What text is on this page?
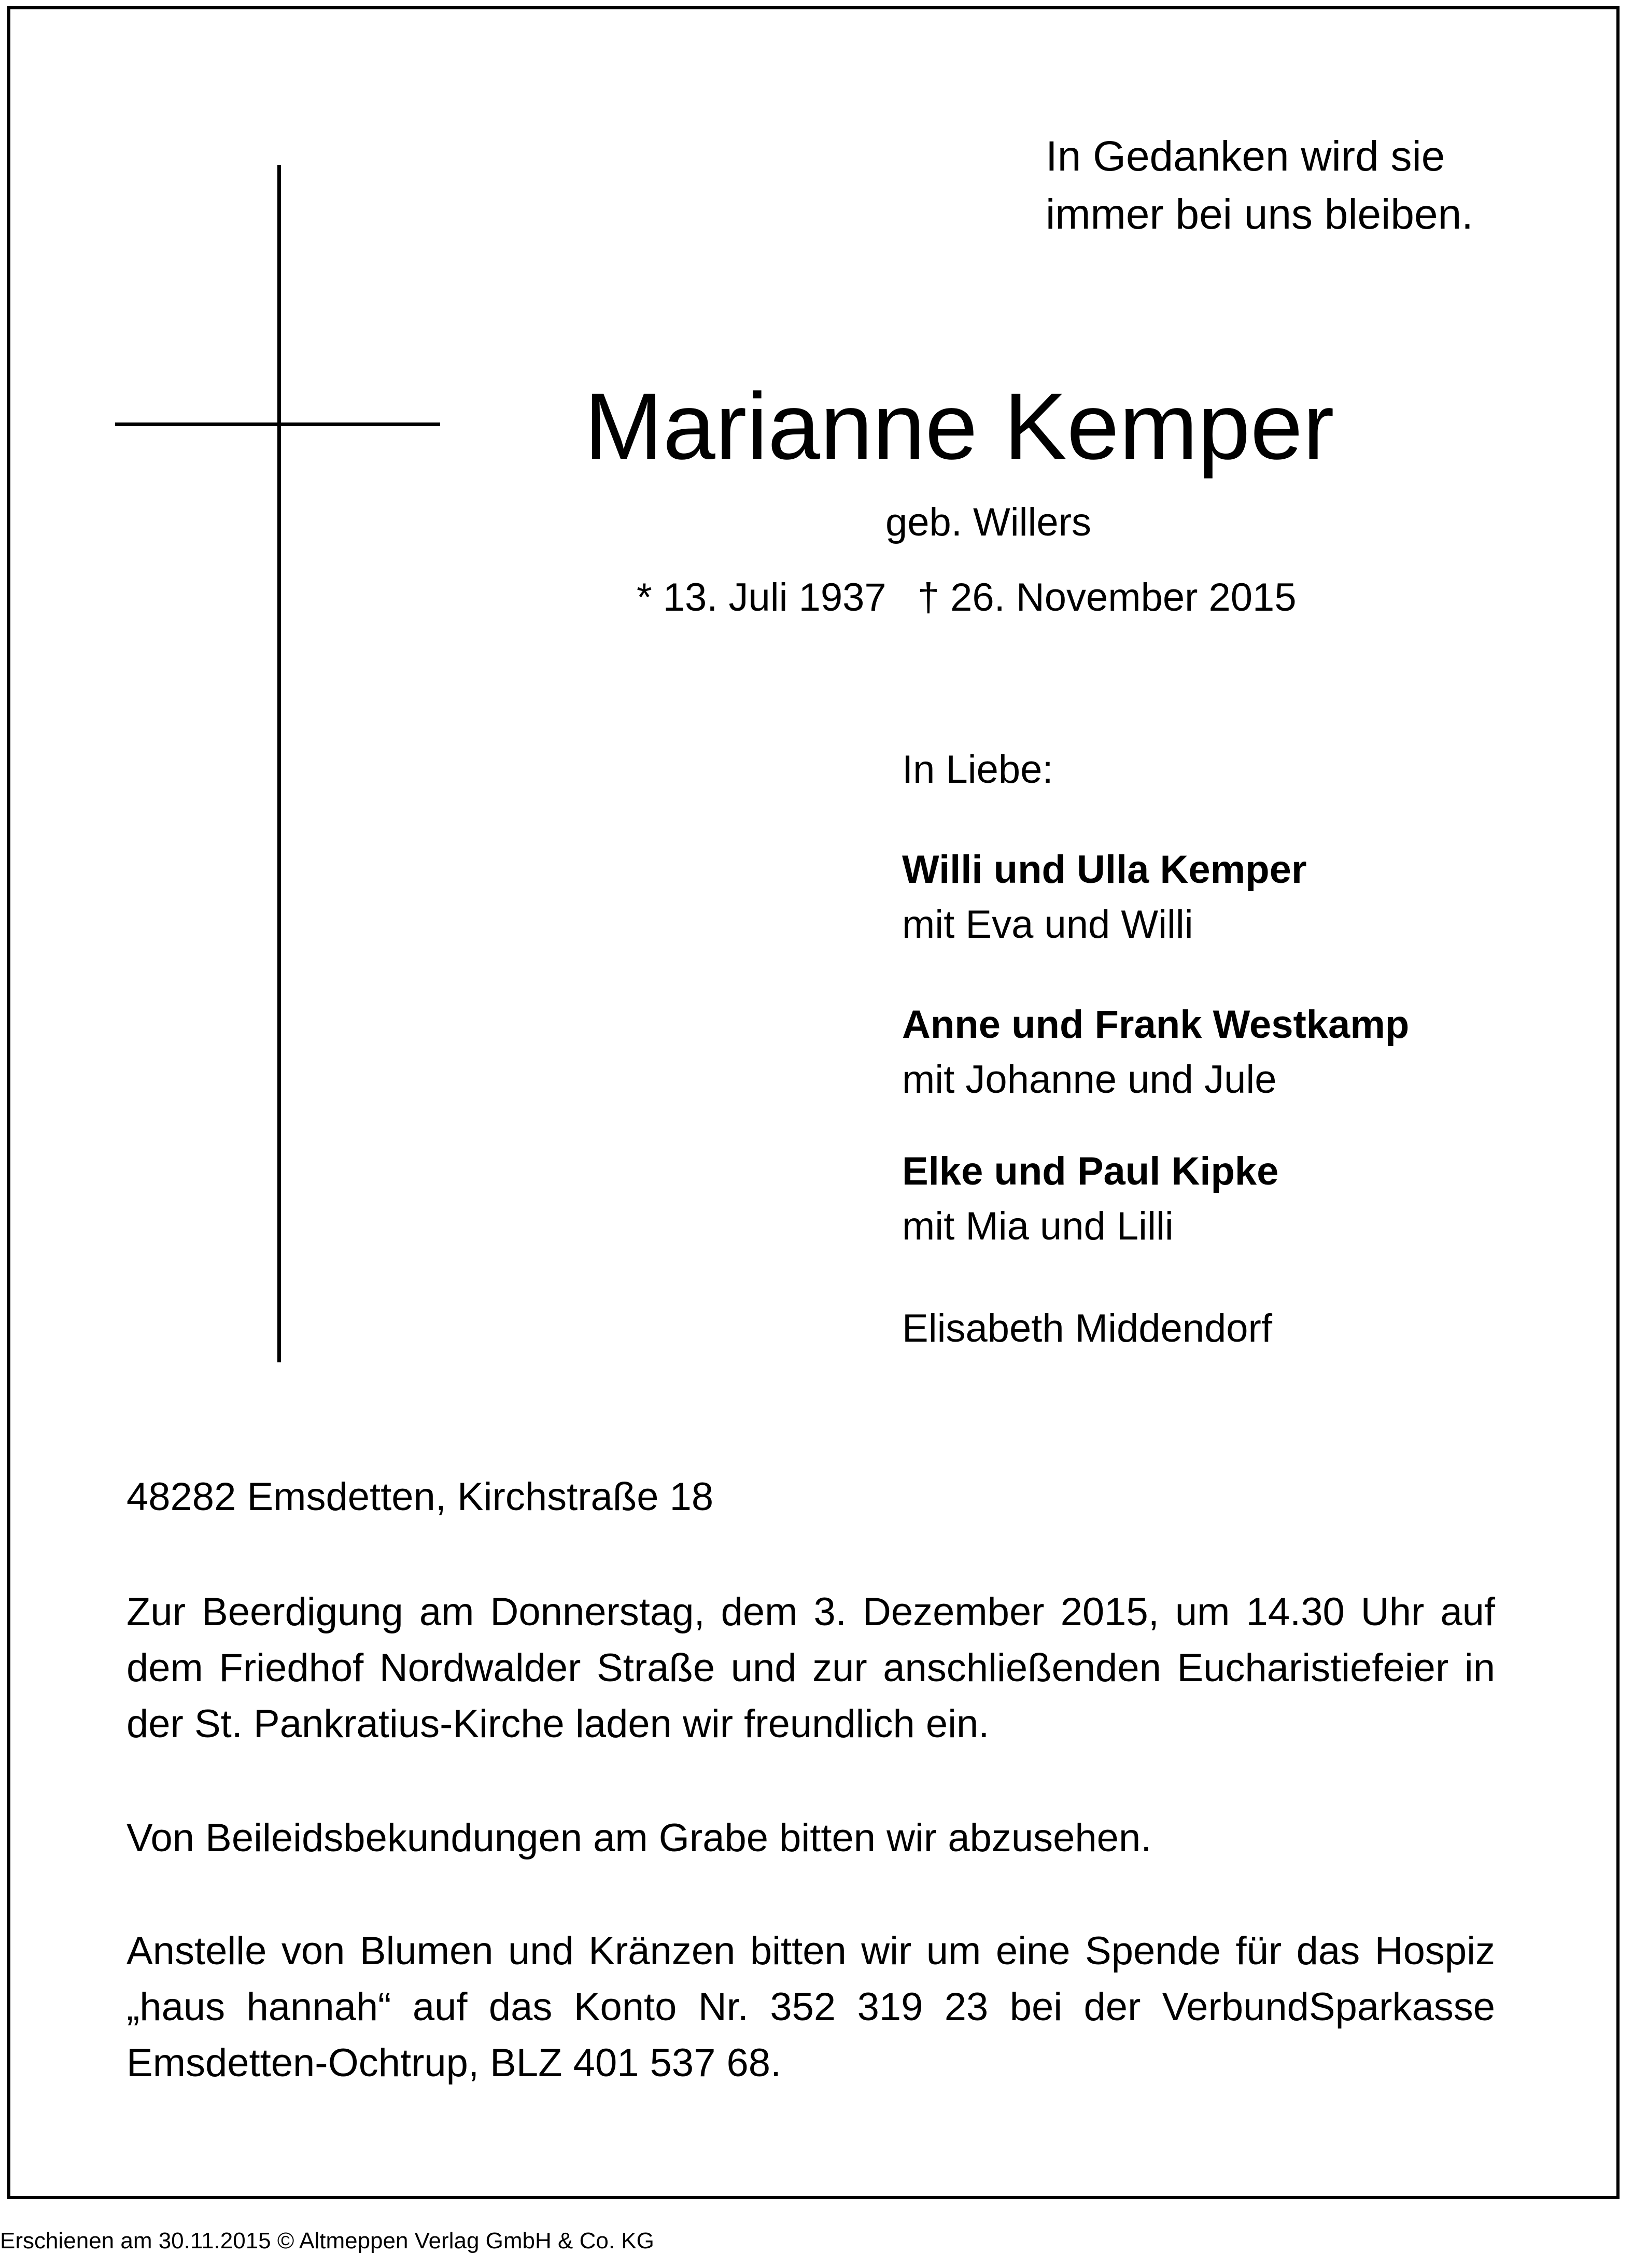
In Gedanken wird sie
immer bei uns bleiben.
Marianne Kemper
geb. Willers
* 13. Juli 1937 † 26. November 2015
In Liebe:
Willi und Ulla Kemper
mit Eva und Willi
Anne und Frank Westkamp
mit Johanne und Jule
Elke und Paul Kipke
mit Mia und Lilli
Elisabeth Middendorf
48282 Emsdetten, Kirchstraße 18
Zur Beerdigung am Donnerstag, dem 3. Dezember 2015, um 14.30 Uhr auf dem Friedhof Nordwalder Straße und zur anschließenden Eucharistiefeier in der St. Pankratius-Kirche laden wir freundlich ein.
Von Beileidsbekundungen am Grabe bitten wir abzusehen.
Anstelle von Blumen und Kränzen bitten wir um eine Spende für das Hospiz „haus hannah“ auf das Konto Nr. 352 319 23 bei der VerbundSparkasse Emsdetten-Ochtrup, BLZ 401 537 68.
Erschienen am 30.11.2015 © Altmeppen Verlag GmbH & Co. KG
